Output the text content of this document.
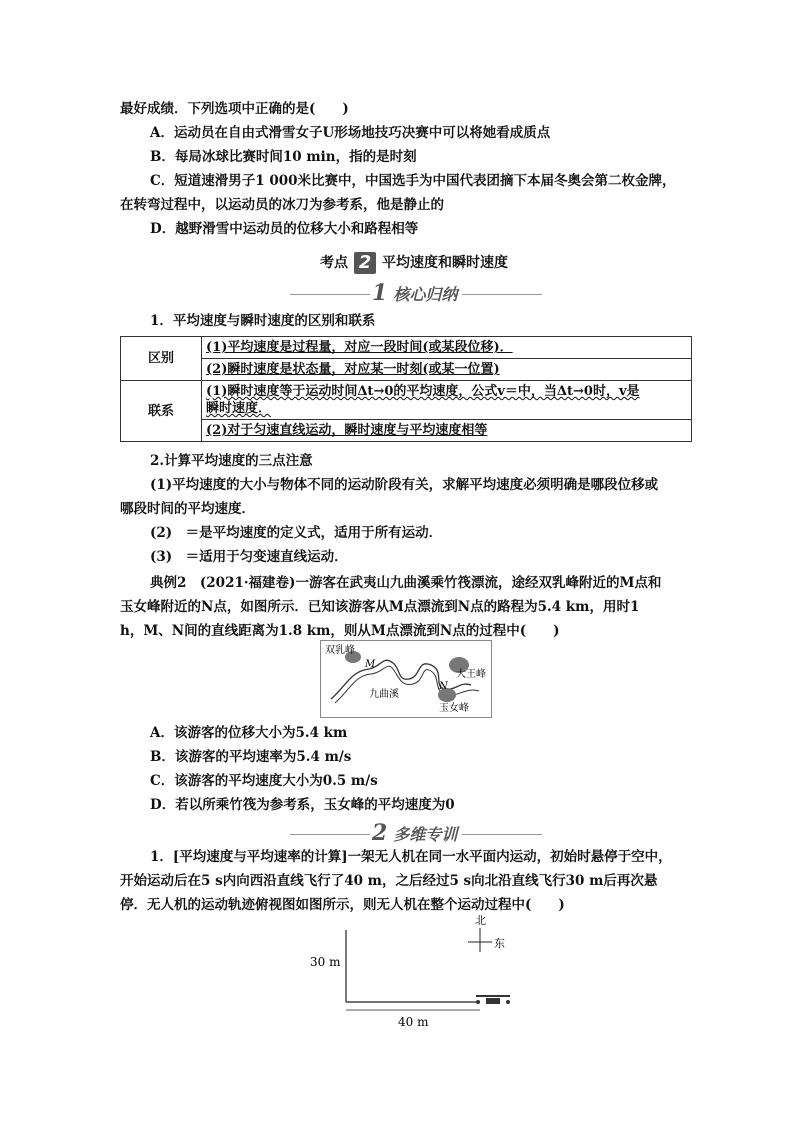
最好成绩．下列选项中正确的是(　　)
A．运动员在自由式滑雪女子U形场地技巧决赛中可以将她看成质点
B．每局冰球比赛时间10 min，指的是时刻
C．短道速滑男子1 000米比赛中，中国选手为中国代表团摘下本届冬奥会第二枚金牌，
在转弯过程中，以运动员的冰刀为参考系，他是静止的
D．越野滑雪中运动员的位移大小和路程相等
考点 2 平均速度和瞬时速度
1 核心归纳
1．平均速度与瞬时速度的区别和联系
区别	(1)平均速度是过程量，对应一段时间(或某段位移)．
	(2)瞬时速度是状态量，对应某一时刻(或某一位置)
联系	(1)瞬时速度等于运动时间Δt→0的平均速度，公式v＝中，当Δt→0时，v是
瞬时速度．
	(2)对于匀速直线运动，瞬时速度与平均速度相等
2.计算平均速度的三点注意
(1)平均速度的大小与物体不同的运动阶段有关，求解平均速度必须明确是哪段位移或
哪段时间的平均速度．
(2)　＝是平均速度的定义式，适用于所有运动．
(3)　＝适用于匀变速直线运动．
典例2　(2021·福建卷)一游客在武夷山九曲溪乘竹筏漂流，途经双乳峰附近的M点和
玉女峰附近的N点，如图所示．已知该游客从M点漂流到N点的路程为5.4 km，用时1
h，M、N间的直线距离为1.8 km，则从M点漂流到N点的过程中(　　)
双乳峰
M
大王峰
九曲溪
N
玉女峰
A．该游客的位移大小为5.4 km
B．该游客的平均速率为5.4 m/s
C．该游客的平均速度大小为0.5 m/s
D．若以所乘竹筏为参考系，玉女峰的平均速度为0
2 多维专训
1．[平均速度与平均速率的计算]一架无人机在同一水平面内运动，初始时悬停于空中，
开始运动后在5 s内向西沿直线飞行了40 m，之后经过5 s向北沿直线飞行30 m后再次悬
停．无人机的运动轨迹俯视图如图所示，则无人机在整个运动过程中(　　)
30 m
40 m
北
东
